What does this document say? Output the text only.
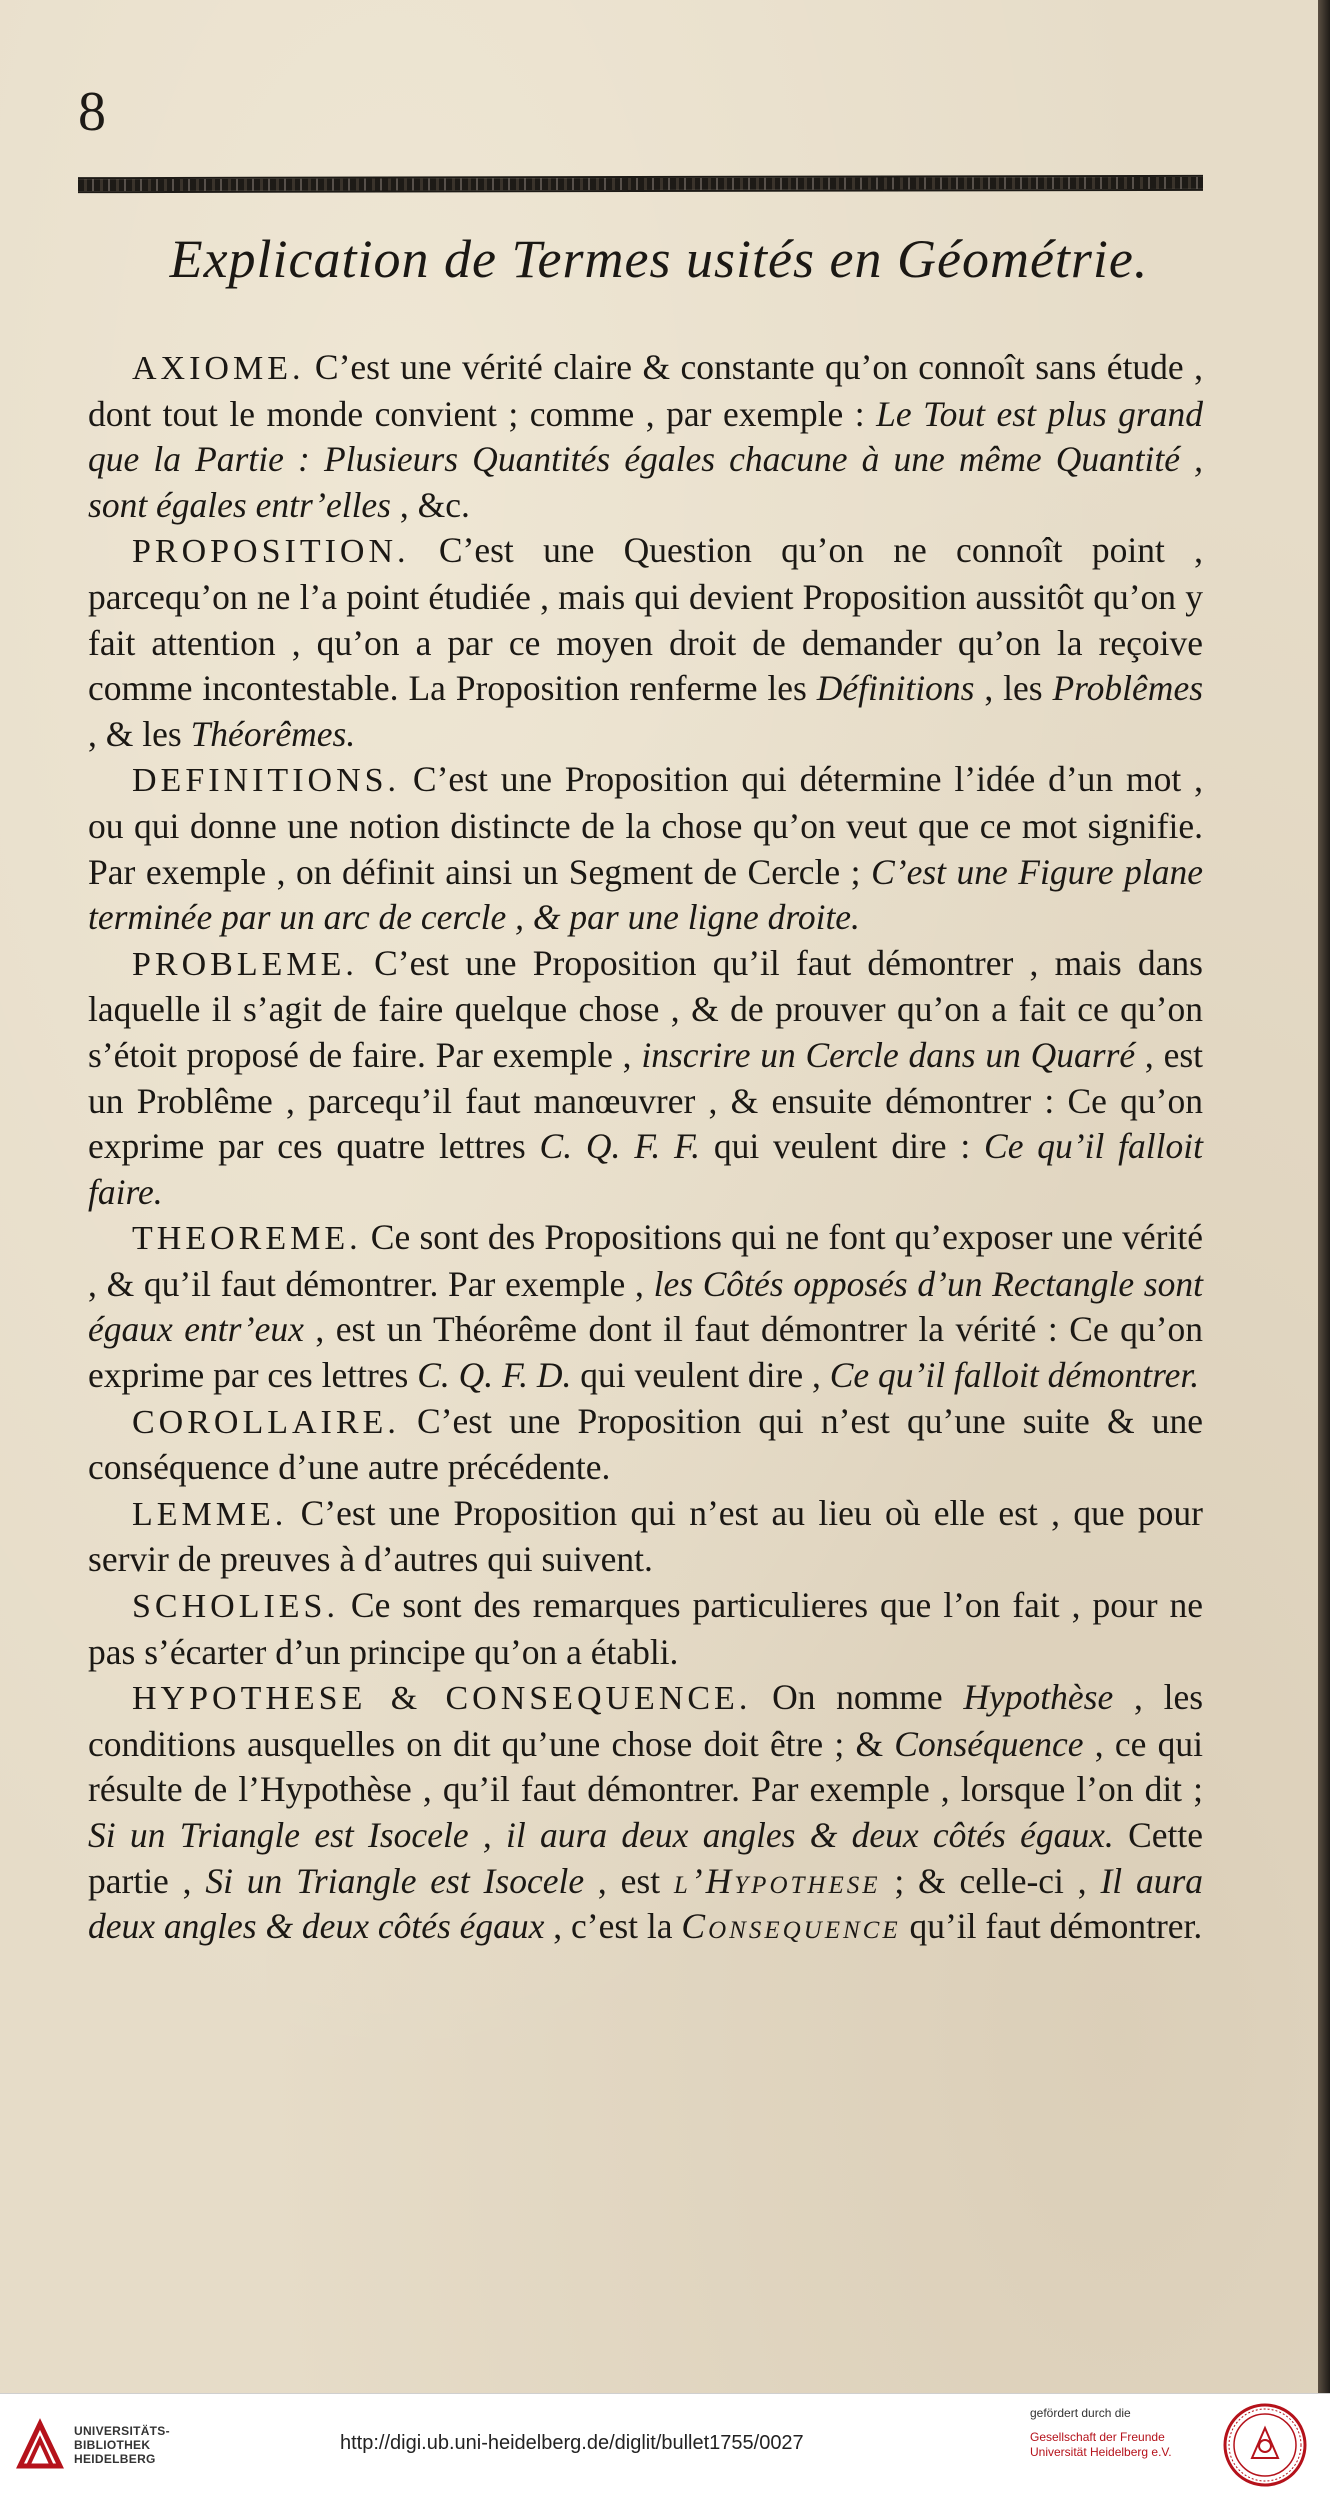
8
Explication de Termes usités en Géométrie.

AXIOME. C’est une vérité claire & constante qu’on connoît sans étude , dont tout le monde convient ; comme , par exemple : Le Tout est plus grand que la Partie : Plusieurs Quantités égales chacune à une même Quantité , sont égales entr’elles , &c.

PROPOSITION. C’est une Question qu’on ne connoît point , parcequ’on ne l’a point étudiée , mais qui devient Proposition aussitôt qu’on y fait attention , qu’on a par ce moyen droit de demander qu’on la reçoive comme incontestable. La Proposition renferme les Définitions , les Problêmes , & les Théorêmes.

DEFINITIONS. C’est une Proposition qui détermine l’idée d’un mot , ou qui donne une notion distincte de la chose qu’on veut que ce mot signifie. Par exemple , on définit ainsi un Segment de Cercle ; C’est une Figure plane terminée par un arc de cercle , & par une ligne droite.

PROBLEME. C’est une Proposition qu’il faut démontrer , mais dans laquelle il s’agit de faire quelque chose , & de prouver qu’on a fait ce qu’on s’étoit proposé de faire. Par exemple , inscrire un Cercle dans un Quarré , est un Problême , parcequ’il faut manœuvrer , & ensuite démontrer : Ce qu’on exprime par ces quatre lettres C. Q. F. F. qui veulent dire : Ce qu’il falloit faire.

THEOREME. Ce sont des Propositions qui ne font qu’exposer une vérité , & qu’il faut démontrer. Par exemple , les Côtés opposés d’un Rectangle sont égaux entr’eux , est un Théorême dont il faut démontrer la vérité : Ce qu’on exprime par ces lettres C. Q. F. D. qui veulent dire , Ce qu’il falloit démontrer.

COROLLAIRE. C’est une Proposition qui n’est qu’une suite & une conséquence d’une autre précédente.

LEMME. C’est une Proposition qui n’est au lieu où elle est , que pour servir de preuves à d’autres qui suivent.

SCHOLIES. Ce sont des remarques particulieres que l’on fait , pour ne pas s’écarter d’un principe qu’on a établi.

HYPOTHESE & CONSEQUENCE. On nomme Hypothèse , les conditions ausquelles on dit qu’une chose doit être ; & Conséquence , ce qui résulte de l’Hypothèse , qu’il faut démontrer. Par exemple , lorsque l’on dit ; Si un Triangle est Isocele , il aura deux angles & deux côtés égaux. Cette partie , Si un Triangle est Isocele , est l’Hypothese ; & celle-ci , Il aura deux angles & deux côtés égaux , c’est la Consequence qu’il faut démontrer.

UNIVERSITÄTS-
BIBLIOTHEK
HEIDELBERG
http://digi.ub.uni-heidelberg.de/diglit/bullet1755/0027
gefördert durch die
Gesellschaft der Freunde
Universität Heidelberg e.V.
